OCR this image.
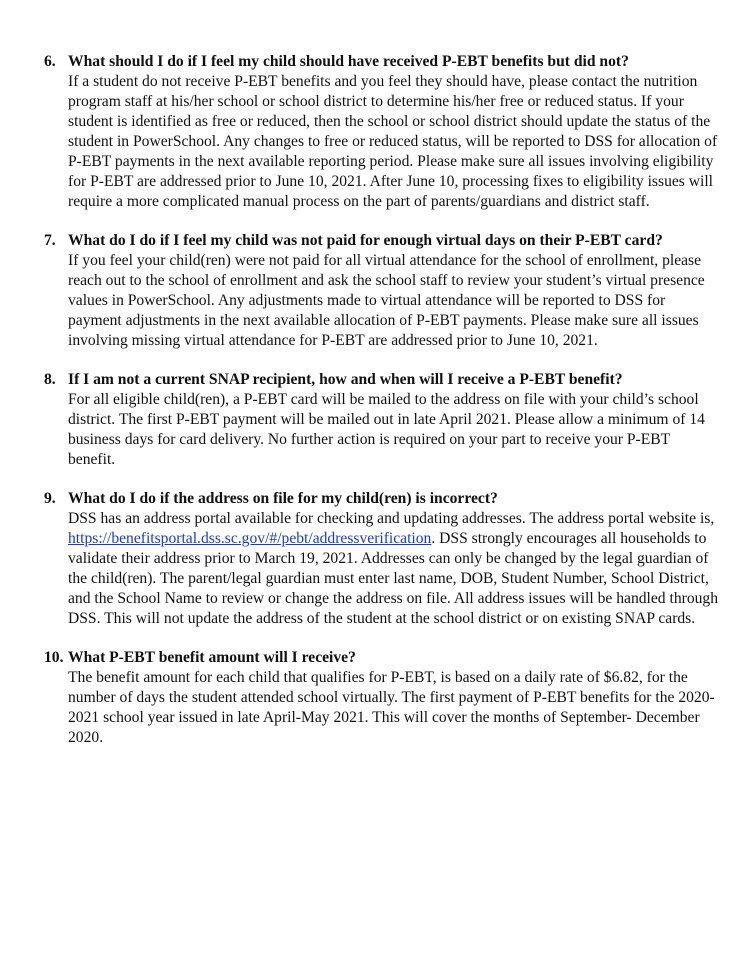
6. What should I do if I feel my child should have received P-EBT benefits but did not?

If a student do not receive P-EBT benefits and you feel they should have, please contact the nutrition program staff at his/her school or school district to determine his/her free or reduced status. If your student is identified as free or reduced, then the school or school district should update the status of the student in PowerSchool. Any changes to free or reduced status, will be reported to DSS for allocation of P-EBT payments in the next available reporting period. Please make sure all issues involving eligibility for P-EBT are addressed prior to June 10, 2021. After June 10, processing fixes to eligibility issues will require a more complicated manual process on the part of parents/guardians and district staff.

7. What do I do if I feel my child was not paid for enough virtual days on their P-EBT card?

If you feel your child(ren) were not paid for all virtual attendance for the school of enrollment, please reach out to the school of enrollment and ask the school staff to review your student’s virtual presence values in PowerSchool. Any adjustments made to virtual attendance will be reported to DSS for payment adjustments in the next available allocation of P-EBT payments. Please make sure all issues involving missing virtual attendance for P-EBT are addressed prior to June 10, 2021.

8. If I am not a current SNAP recipient, how and when will I receive a P-EBT benefit?

For all eligible child(ren), a P-EBT card will be mailed to the address on file with your child’s school district. The first P-EBT payment will be mailed out in late April 2021. Please allow a minimum of 14 business days for card delivery. No further action is required on your part to receive your P-EBT benefit.

9. What do I do if the address on file for my child(ren) is incorrect?

DSS has an address portal available for checking and updating addresses. The address portal website is, https://benefitsportal.dss.sc.gov/#/pebt/addressverification. DSS strongly encourages all households to validate their address prior to March 19, 2021. Addresses can only be changed by the legal guardian of the child(ren). The parent/legal guardian must enter last name, DOB, Student Number, School District, and the School Name to review or change the address on file. All address issues will be handled through DSS. This will not update the address of the student at the school district or on existing SNAP cards.

10. What P-EBT benefit amount will I receive?

The benefit amount for each child that qualifies for P-EBT, is based on a daily rate of $6.82, for the number of days the student attended school virtually. The first payment of P-EBT benefits for the 2020-2021 school year issued in late April-May 2021. This will cover the months of September- December 2020.
